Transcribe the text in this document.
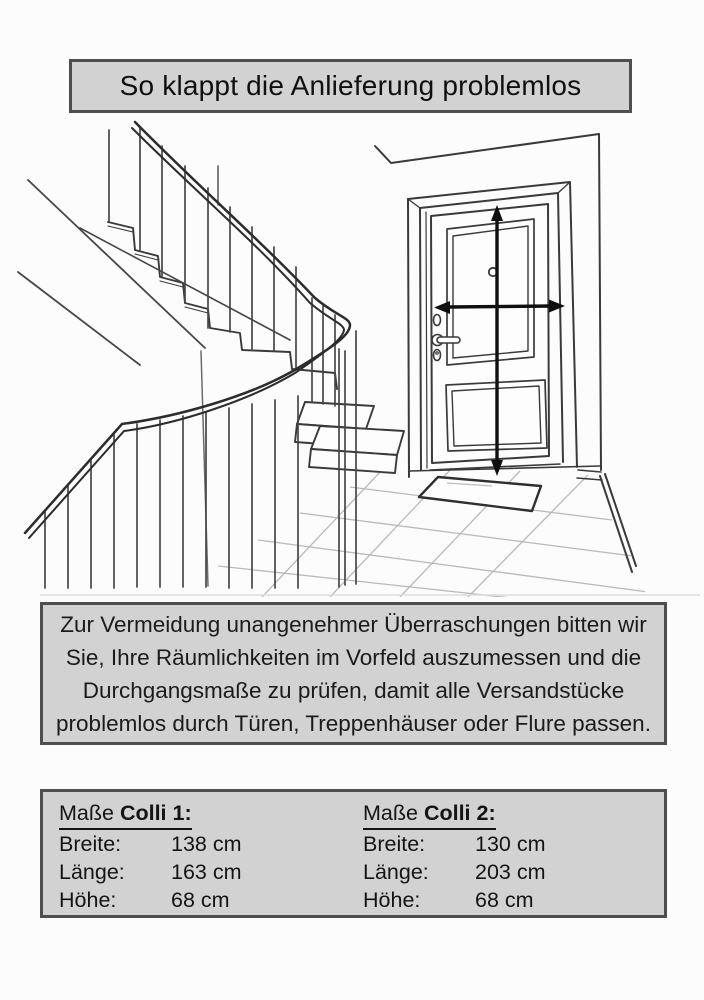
So klappt die Anlieferung problemlos
Zur Vermeidung unangenehmer Überraschungen bitten wir
Sie, Ihre Räumlichkeiten im Vorfeld auszumessen und die
Durchgangsmaße zu prüfen, damit alle Versandstücke
problemlos durch Türen, Treppenhäuser oder Flure passen.
Maße Colli 1:
Breite:	138 cm
Länge:	163 cm
Höhe:	68 cm
Maße Colli 2:
Breite:	130 cm
Länge:	203 cm
Höhe:	68 cm
